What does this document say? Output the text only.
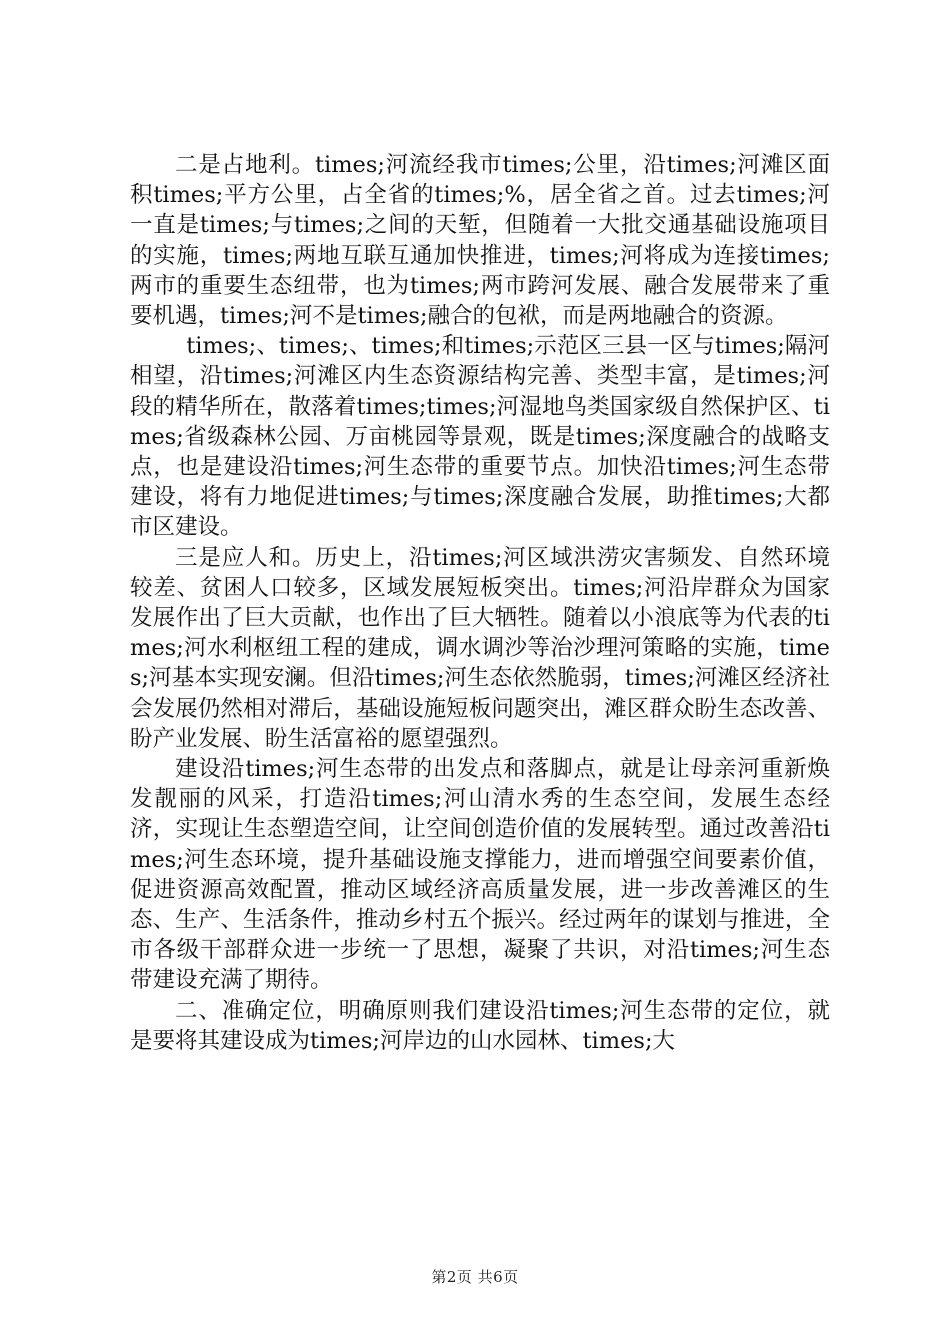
二是占地利。times;河流经我市times;公里，沿times;河滩区面积times;平方公里，占全省的times;%，居全省之首。过去times;河一直是times;与times;之间的天堑，但随着一大批交通基础设施项目的实施，times;两地互联互通加快推进，times;河将成为连接times;两市的重要生态纽带，也为times;两市跨河发展、融合发展带来了重要机遇，times;河不是times;融合的包袱，而是两地融合的资源。

times;、times;、times;和times;示范区三县一区与times;隔河相望，沿times;河滩区内生态资源结构完善、类型丰富，是times;河段的精华所在，散落着times;times;河湿地鸟类国家级自然保护区、times;省级森林公园、万亩桃园等景观，既是times;深度融合的战略支点，也是建设沿times;河生态带的重要节点。加快沿times;河生态带建设，将有力地促进times;与times;深度融合发展，助推times;大都市区建设。

三是应人和。历史上，沿times;河区域洪涝灾害频发、自然环境较差、贫困人口较多，区域发展短板突出。times;河沿岸群众为国家发展作出了巨大贡献，也作出了巨大牺牲。随着以小浪底等为代表的times;河水利枢纽工程的建成，调水调沙等治沙理河策略的实施，times;河基本实现安澜。但沿times;河生态依然脆弱，times;河滩区经济社会发展仍然相对滞后，基础设施短板问题突出，滩区群众盼生态改善、盼产业发展、盼生活富裕的愿望强烈。

建设沿times;河生态带的出发点和落脚点，就是让母亲河重新焕发靓丽的风采，打造沿times;河山清水秀的生态空间，发展生态经济，实现让生态塑造空间，让空间创造价值的发展转型。通过改善沿times;河生态环境，提升基础设施支撑能力，进而增强空间要素价值，促进资源高效配置，推动区域经济高质量发展，进一步改善滩区的生态、生产、生活条件，推动乡村五个振兴。经过两年的谋划与推进，全市各级干部群众进一步统一了思想，凝聚了共识，对沿times;河生态带建设充满了期待。

二、准确定位，明确原则我们建设沿times;河生态带的定位，就是要将其建设成为times;河岸边的山水园林、times;大

第2页 共6页
